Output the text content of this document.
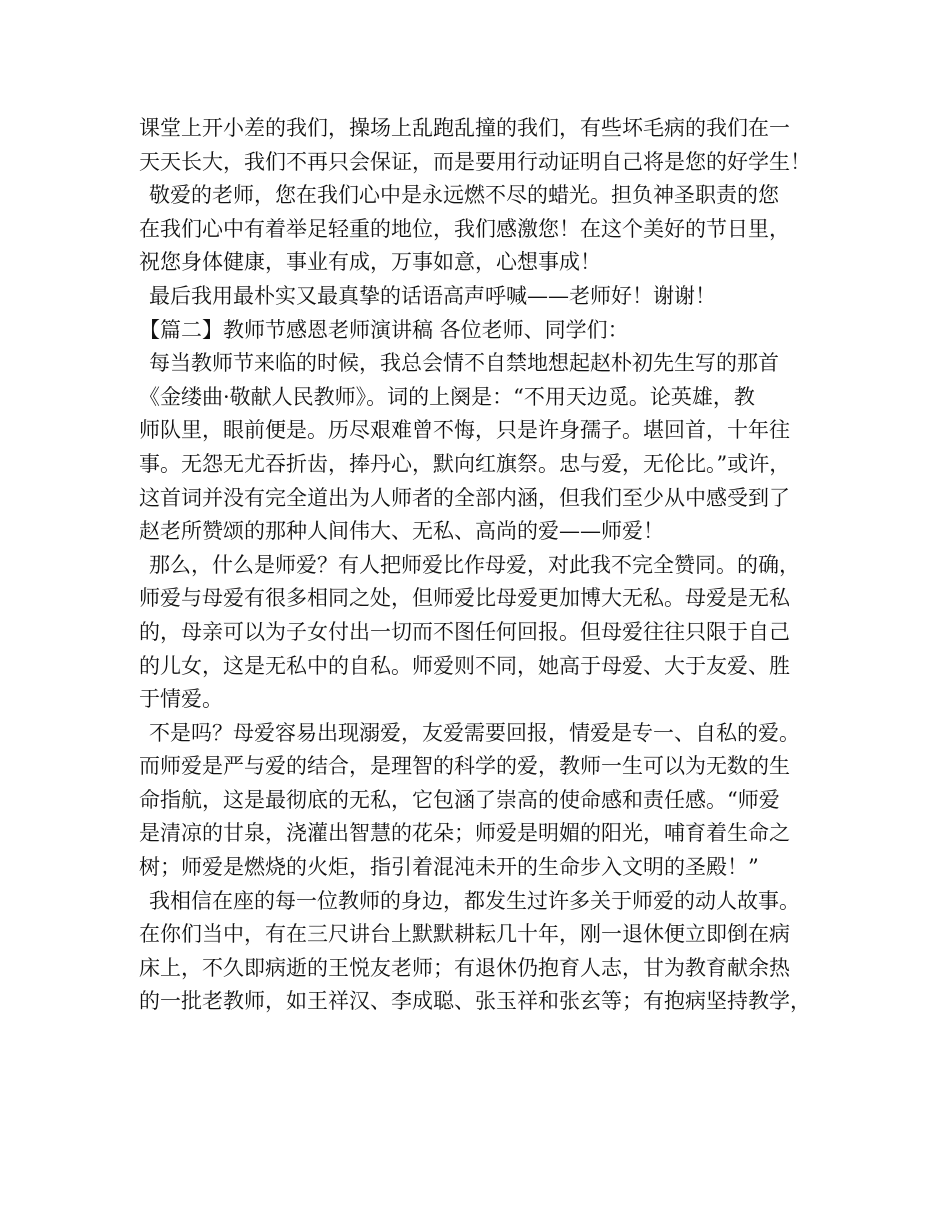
课堂上开小差的我们，操场上乱跑乱撞的我们，有些坏毛病的我们在一
天天长大，我们不再只会保证，而是要用行动证明自己将是您的好学生！
敬爱的老师，您在我们心中是永远燃不尽的蜡光。担负神圣职责的您
在我们心中有着举足轻重的地位，我们感激您！在这个美好的节日里，
祝您身体健康，事业有成，万事如意，心想事成！
最后我用最朴实又最真挚的话语高声呼喊——老师好！谢谢！
【篇二】教师节感恩老师演讲稿 各位老师、同学们：
每当教师节来临的时候，我总会情不自禁地想起赵朴初先生写的那首
《金缕曲·敬献人民教师》。词的上阕是：“不用天边觅。论英雄，教
师队里，眼前便是。历尽艰难曾不悔，只是许身孺子。堪回首，十年往
事。无怨无尤吞折齿，捧丹心，默向红旗祭。忠与爱，无伦比。”或许，
这首词并没有完全道出为人师者的全部内涵，但我们至少从中感受到了
赵老所赞颂的那种人间伟大、无私、高尚的爱——师爱！
那么，什么是师爱？有人把师爱比作母爱，对此我不完全赞同。的确，
师爱与母爱有很多相同之处，但师爱比母爱更加博大无私。母爱是无私
的，母亲可以为子女付出一切而不图任何回报。但母爱往往只限于自己
的儿女，这是无私中的自私。师爱则不同，她高于母爱、大于友爱、胜
于情爱。
不是吗？母爱容易出现溺爱，友爱需要回报，情爱是专一、自私的爱。
而师爱是严与爱的结合，是理智的科学的爱，教师一生可以为无数的生
命指航，这是最彻底的无私，它包涵了崇高的使命感和责任感。“师爱
是清凉的甘泉，浇灌出智慧的花朵；师爱是明媚的阳光，哺育着生命之
树；师爱是燃烧的火炬，指引着混沌未开的生命步入文明的圣殿！”
我相信在座的每一位教师的身边，都发生过许多关于师爱的动人故事。
在你们当中，有在三尺讲台上默默耕耘几十年，刚一退休便立即倒在病
床上，不久即病逝的王悦友老师；有退休仍抱育人志，甘为教育献余热
的一批老教师，如王祥汉、李成聪、张玉祥和张玄等；有抱病坚持教学，
